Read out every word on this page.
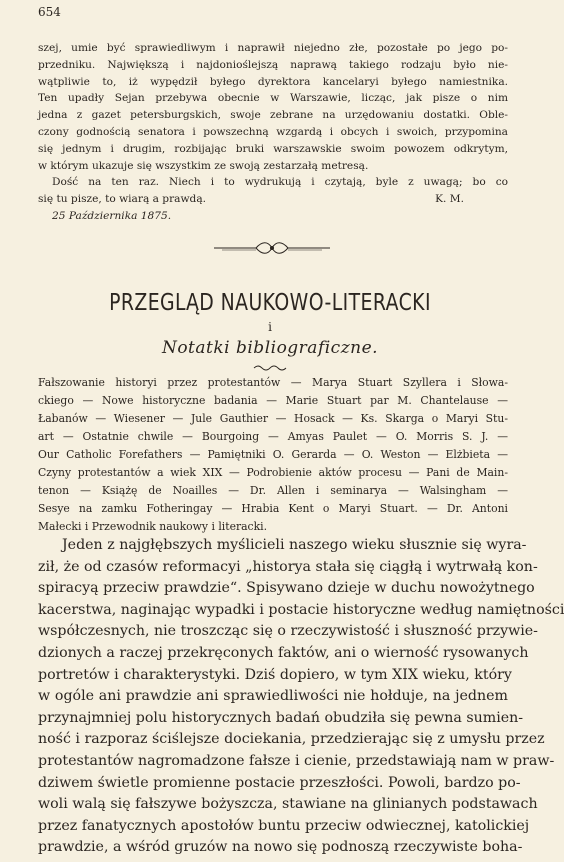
654
szej, umie być sprawiedliwym i naprawił niejedno złe, pozostałe po jego po-
przedniku. Największą i najdonioślejszą naprawą takiego rodzaju było nie-
wątpliwie to, iż wypędził byłego dyrektora kancelaryi byłego namiestnika.
Ten upadły Sejan przebywa obecnie w Warszawie, licząc, jak pisze o nim
jedna z gazet petersburgskich, swoje zebrane na urzędowaniu dostatki. Oble-
czony godnością senatora i powszechną wzgardą i obcych i swoich, przypomina
się jednym i drugim, rozbijając bruki warszawskie swoim powozem odkrytym,
w którym ukazuje się wszystkim ze swoją zestarzałą metresą.
Dość na ten raz. Niech i to wydrukują i czytają, byle z uwagą; bo co
się tu pisze, to wiarą a prawdą.	K. M.
25 Października 1875.
PRZEGLĄD NAUKOWO-LITERACKI
i
Notatki bibliograficzne.
Fałszowanie historyi przez protestantów — Marya Stuart Szyllera i Słowa-
ckiego — Nowe historyczne badania — Marie Stuart par M. Chantelause —
Łabanów — Wiesener — Jule Gauthier — Hosack — Ks. Skarga o Maryi Stu-
art — Ostatnie chwile — Bourgoing — Amyas Paulet — O. Morris S. J. —
Our Catholic Forefathers — Pamiętniki O. Gerarda — O. Weston — Elżbieta —
Czyny protestantów a wiek XIX — Podrobienie aktów procesu — Pani de Main-
tenon — Książę de Noailles — Dr. Allen i seminarya — Walsingham —
Sesye na zamku Fotheringay — Hrabia Kent o Maryi Stuart. — Dr. Antoni
Małecki i Przewodnik naukowy i literacki.
Jeden z najgłębszych myślicieli naszego wieku słusznie się wyra-
ził, że od czasów reformacyi „historya stała się ciągłą i wytrwałą kon-
spiracyą przeciw prawdzie“. Spisywano dzieje w duchu nowożytnego
kacerstwa, naginając wypadki i postacie historyczne według namiętności
współczesnych, nie troszcząc się o rzeczywistość i słuszność przywie-
dzionych a raczej przekręconych faktów, ani o wierność rysowanych
portretów i charakterystyki. Dziś dopiero, w tym XIX wieku, który
w ogóle ani prawdzie ani sprawiedliwości nie hołduje, na jednem
przynajmniej polu historycznych badań obudziła się pewna sumien-
ność i razporaz ściślejsze dociekania, przedzierając się z umysłu przez
protestantów nagromadzone fałsze i cienie, przedstawiają nam w praw-
dziwem świetle promienne postacie przeszłości. Powoli, bardzo po-
woli walą się fałszywe bożyszcza, stawiane na glinianych podstawach
przez fanatycznych apostołów buntu przeciw odwiecznej, katolickiej
prawdzie, a wśród gruzów na nowo się podnoszą rzeczywiste boha-
